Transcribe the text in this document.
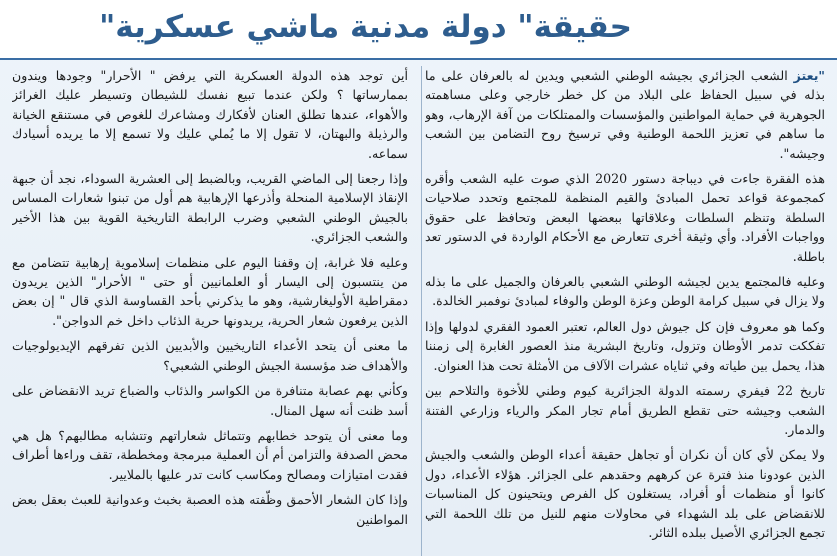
حقيقة" دولة مدنية ماشي عسكرية"

"يعتز الشعب الجزائري بجيشه الوطني الشعبي ويدين له بالعرفان على ما بذله في سبيل الحفاظ على البلاد من كل خطر خارجي وعلى مساهمته الجوهرية في حماية المواطنين والمؤسسات والممتلكات من آفة الإرهاب، وهو ما ساهم في تعزيز اللحمة الوطنية وفي ترسيخ روح التضامن بين الشعب وجيشه".

هذه الفقرة جاءت في ديباجة دستور 2020 الذي صوت عليه الشعب وأقره كمجموعة قواعد تحمل المبادئ والقيم المنظمة للمجتمع وتحدد صلاحيات السلطة وتنظم السلطات وعلاقاتها ببعضها البعض وتحافظ على حقوق وواجبات الأفراد. وأي وثيقة أخرى تتعارض مع الأحكام الواردة في الدستور تعد باطلة.

وعليه فالمجتمع يدين لجيشه الوطني الشعبي بالعرفان والجميل على ما بذله ولا يزال في سبيل كرامة الوطن وعزة الوطن والوفاء لمبادئ نوفمبر الخالدة.

وكما هو معروف فإن كل جيوش دول العالم، تعتبر العمود الفقري لدولها وإذا تفككت تدمر الأوطان وتزول، وتاريخ البشرية منذ العصور الغابرة إلى زمننا هذا، يحمل بين طياته وفي ثناياه عشرات الآلاف من الأمثلة تحت هذا العنوان.

تاريخ 22 فيفري رسمته الدولة الجزائرية كيوم وطني للأخوة والتلاحم بين الشعب وجيشه حتى تقطع الطريق أمام تجار المكر والرياء وزارعي الفتنة والدمار.

ولا يمكن لأي كان أن نكران أو تجاهل حقيقة أعداء الوطن والشعب والجيش الذين عودونا منذ فترة عن كرههم وحقدهم على الجزائر. هؤلاء الأعداء، دول كانوا أو منظمات أو أفراد، يستغلون كل الفرص ويتحينون كل المناسبات للانقضاض على بلد الشهداء في محاولات منهم للنيل من تلك اللحمة التي تجمع الجزائري الأصيل ببلده الثائر.

أين توجد هذه الدولة العسكرية التي يرفض " الأحرار" وجودها ويندون بممارساتها ؟ ولكن عندما تبيع نفسك للشيطان وتسيطر عليك الغرائز والأهواء، عندها تطلق العنان لأفكارك ومشاعرك للغوص في مستنقع الخيانة والرذيلة والبهتان، لا تقول إلا ما يُملي عليك ولا تسمع إلا ما يريده أسيادك سماعه.

وإذا رجعنا إلى الماضي القريب، وبالضبط إلى العشرية السوداء، نجد أن جبهة الإنقاذ الإسلامية المنحلة وأذرعها الإرهابية هم أول من تبنوا شعارات المساس بالجيش الوطني الشعبي وضرب الرابطة التاريخية القوية بين هذا الأخير والشعب الجزائري.

وعليه فلا غرابة، إن وقفنا اليوم على منظمات إسلاموية إرهابية تتضامن مع من ينتسبون إلى اليسار أو العلمانيين أو حتى " الأحرار" الذين يريدون دمقراطية الأوليغارشية، وهو ما يذكرني بأحد القساوسة الذي قال " إن بعض الذين يرفعون شعار الحرية، يريدونها حرية الذئاب داخل خم الدواجن".

ما معنى أن يتحد الأعداء التاريخيين والأبديين الذين تفرقهم الإيديولوجيات والأهداف ضد مؤسسة الجيش الوطني الشعبي؟

وكأني بهم عصابة متنافرة من الكواسر والذئاب والضباع تريد الانقضاض على أسد ظنت أنه سهل المنال.

وما معنى أن يتوحد خطابهم وتتماثل شعاراتهم وتتشابه مطالبهم؟ هل هي محض الصدفة والتزامن أم أن العملية مبرمجة ومخططة، تقف وراءها أطراف فقدت امتيازات ومصالح ومكاسب كانت تدر عليها بالملايير.

وإذا كان الشعار الأحمق وظّفته هذه العصبة بخبث وعدوانية للعبث بعقل بعض المواطنين
